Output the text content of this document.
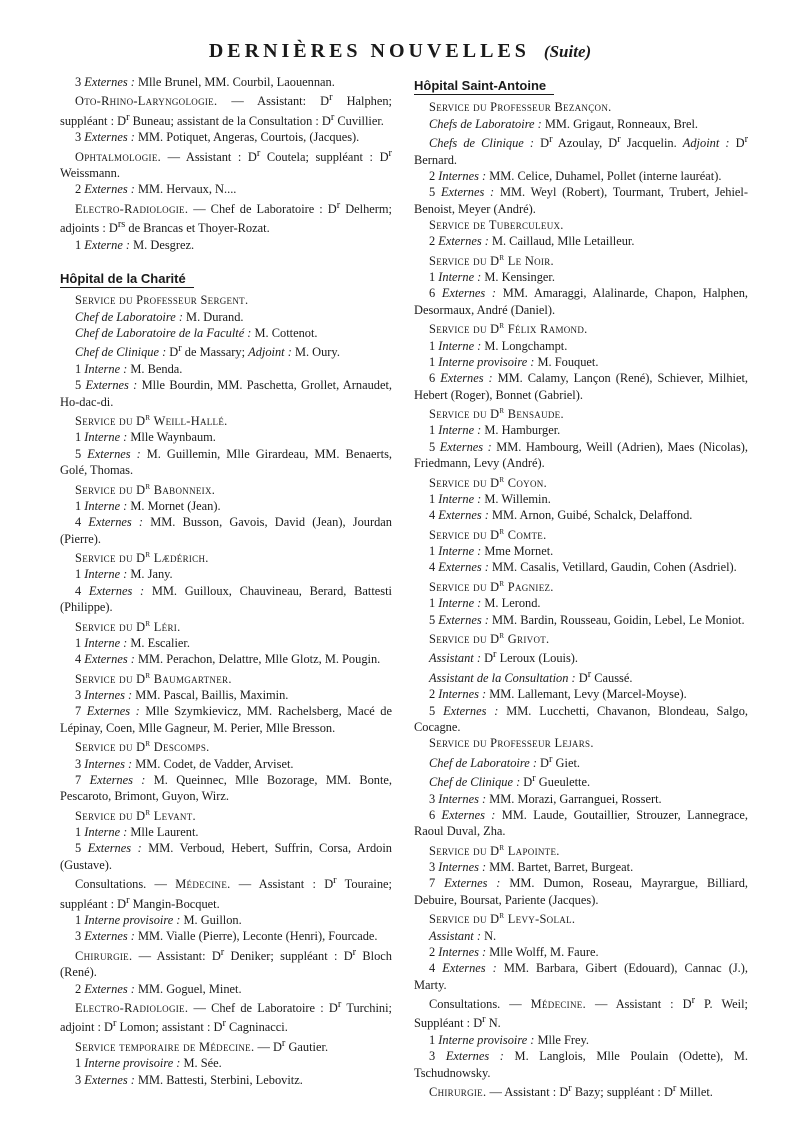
DERNIÈRES NOUVELLES (Suite)

3 Externes : Mlle Brunel, MM. Courbil, Laouennan.

Oto-Rhino-Laryngologie. — Assistant: $D^r$ Halphen; suppléant : $D^r$ Buneau; assistant de la Consultation : $D^r$ Cuvillier.

3 Externes : MM. Potiquet, Angeras, Courtois, (Jacques).

Ophtalmologie. — Assistant : $D^r$ Coutela; suppléant : $D^r$ Weissmann.

2 Externes : MM. Hervaux, N....

Electro-Radiologie. — Chef de Laboratoire : $D^r$ Delherm; adjoints : $D^{rs}$ de Brancas et Thoyer-Rozat.

1 Externe : M. Desgrez.

Hôpital de la Charité

Service du Professeur Sergent.

Chef de Laboratoire : M. Durand.

Chef de Laboratoire de la Faculté : M. Cottenot.

Chef de Clinique : $D^r$ de Massary; Adjoint : M. Oury.

1 Interne : M. Benda.

5 Externes : Mlle Bourdin, MM. Paschetta, Grollet, Arnaudet, Ho-dac-di.

Service du $D^r$ Weill-Hallé.

1 Interne : Mlle Waynbaum.

5 Externes : M. Guillemin, Mlle Girardeau, MM. Benaerts, Golé, Thomas.

Service du $D^r$ Babonneix.

1 Interne : M. Mornet (Jean).

4 Externes : MM. Busson, Gavois, David (Jean), Jourdan (Pierre).

Service du $D^r$ Lædérich.

1 Interne : M. Jany.

4 Externes : MM. Guilloux, Chauvineau, Berard, Battesti (Philippe).

Service du $D^r$ Léri.

1 Interne : M. Escalier.

4 Externes : MM. Perachon, Delattre, Mlle Glotz, M. Pougin.

Service du $D^r$ Baumgartner.

3 Internes : MM. Pascal, Baillis, Maximin.

7 Externes : Mlle Szymkievicz, MM. Rachelsberg, Macé de Lépinay, Coen, Mlle Gagneur, M. Perier, Mlle Bresson.

Service du $D^r$ Descomps.

3 Internes : MM. Codet, de Vadder, Arviset.

7 Externes : M. Queinnec, Mlle Bozorage, MM. Bonte, Pescaroto, Brimont, Guyon, Wirz.

Service du $D^r$ Levant.

1 Interne : Mlle Laurent.

5 Externes : MM. Verboud, Hebert, Suffrin, Corsa, Ardoin (Gustave).

Consultations. — Médecine. — Assistant : $D^r$ Touraine; suppléant : $D^r$ Mangin-Bocquet.

1 Interne provisoire : M. Guillon.

3 Externes : MM. Vialle (Pierre), Leconte (Henri), Fourcade.

Chirurgie. — Assistant: $D^r$ Deniker; suppléant : $D^r$ Bloch (René).

2 Externes : MM. Goguel, Minet.

Electro-Radiologie. — Chef de Laboratoire : $D^r$ Turchini; adjoint : $D^r$ Lomon; assistant : $D^r$ Cagninacci.

Service temporaire de Médecine. — $D^r$ Gautier.

1 Interne provisoire : M. Sée.

3 Externes : MM. Battesti, Sterbini, Lebovitz.

Hôpital Saint-Antoine

Service du Professeur Bezançon.

Chefs de Laboratoire : MM. Grigaut, Ronneaux, Brel.

Chefs de Clinique : $D^r$ Azoulay, $D^r$ Jacquelin. Adjoint : $D^r$ Bernard.

2 Internes : MM. Celice, Duhamel, Pollet (interne lauréat).

5 Externes : MM. Weyl (Robert), Tourmant, Trubert, Jehiel-Benoist, Meyer (André).

Service de Tuberculeux.

2 Externes : M. Caillaud, Mlle Letailleur.

Service du $D^r$ Le Noir.

1 Interne : M. Kensinger.

6 Externes : MM. Amaraggi, Alalinarde, Chapon, Halphen, Desormaux, André (Daniel).

Service du $D^r$ Félix Ramond.

1 Interne : M. Longchampt.

1 Interne provisoire : M. Fouquet.

6 Externes : MM. Calamy, Lançon (René), Schiever, Milhiet, Hebert (Roger), Bonnet (Gabriel).

Service du $D^r$ Bensaude.

1 Interne : M. Hamburger.

5 Externes : MM. Hambourg, Weill (Adrien), Maes (Nicolas), Friedmann, Levy (André).

Service du $D^r$ Coyon.

1 Interne : M. Willemin.

4 Externes : MM. Arnon, Guibé, Schalck, Delaffond.

Service du $D^r$ Comte.

1 Interne : Mme Mornet.

4 Externes : MM. Casalis, Vetillard, Gaudin, Cohen (Asdriel).

Service du $D^r$ Pagniez.

1 Interne : M. Lerond.

5 Externes : MM. Bardin, Rousseau, Goidin, Lebel, Le Moniot.

Service du $D^r$ Grivot.

Assistant : $D^r$ Leroux (Louis).

Assistant de la Consultation : $D^r$ Caussé.

2 Internes : MM. Lallemant, Levy (Marcel-Moyse).

5 Externes : MM. Lucchetti, Chavanon, Blondeau, Salgo, Cocagne.

Service du Professeur Lejars.

Chef de Laboratoire : $D^r$ Giet.

Chef de Clinique : $D^r$ Gueulette.

3 Internes : MM. Morazi, Garranguei, Rossert.

6 Externes : MM. Laude, Goutaillier, Strouzer, Lannegrace, Raoul Duval, Zha.

Service du $D^r$ Lapointe.

3 Internes : MM. Bartet, Barret, Burgeat.

7 Externes : MM. Dumon, Roseau, Mayrargue, Billiard, Debuire, Boursat, Pariente (Jacques).

Service du $D^r$ Levy-Solal.

Assistant : N.

2 Internes : Mlle Wolff, M. Faure.

4 Externes : MM. Barbara, Gibert (Edouard), Cannac (J.), Marty.

Consultations. — Médecine. — Assistant : $D^r$ P. Weil; Suppléant : $D^r$ N.

1 Interne provisoire : Mlle Frey.

3 Externes : M. Langlois, Mlle Poulain (Odette), M. Tschudnowsky.

Chirurgie. — Assistant : $D^r$ Bazy; suppléant : $D^r$ Millet.
